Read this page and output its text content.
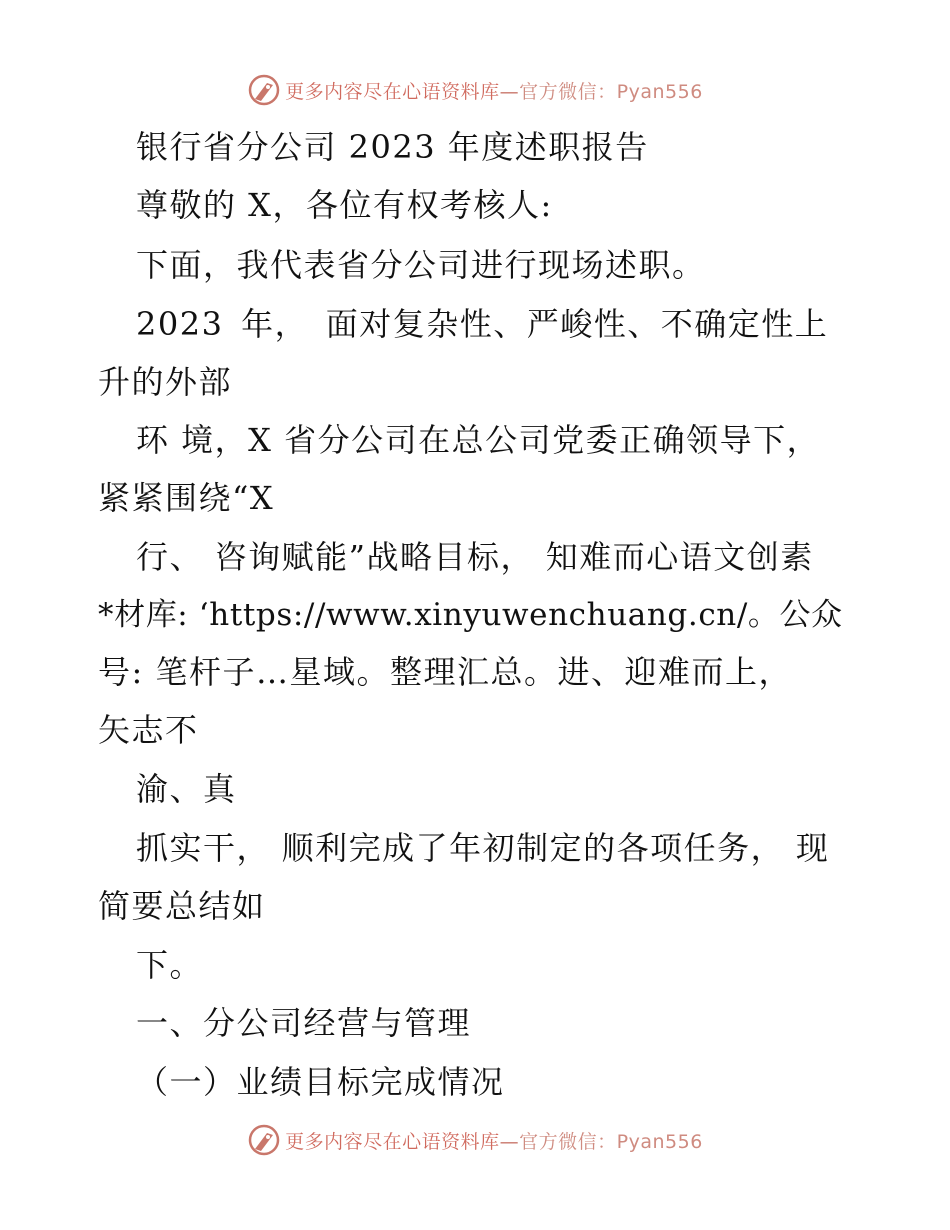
更多内容尽在心语资料库—官方微信：Pyan556
银行省分公司 2023 年度述职报告
尊敬的 X，各位有权考核人:
下面，我代表省分公司进行现场述职。
2023 年， 面对复杂性、严峻性、不确定性上
升的外部
环 境，X 省分公司在总公司党委正确领导下，
紧紧围绕“X
行、 咨询赋能”战略目标， 知难而心语文创素
*材库: ‘https://www.xinyuwenchuang.cn/。公众
号: 笔杆子…星域。整理汇总。进、迎难而上，
矢志不
渝、真
抓实干， 顺利完成了年初制定的各项任务， 现
简要总结如
下。
一、分公司经营与管理
（一）业绩目标完成情况
更多内容尽在心语资料库—官方微信：Pyan556
